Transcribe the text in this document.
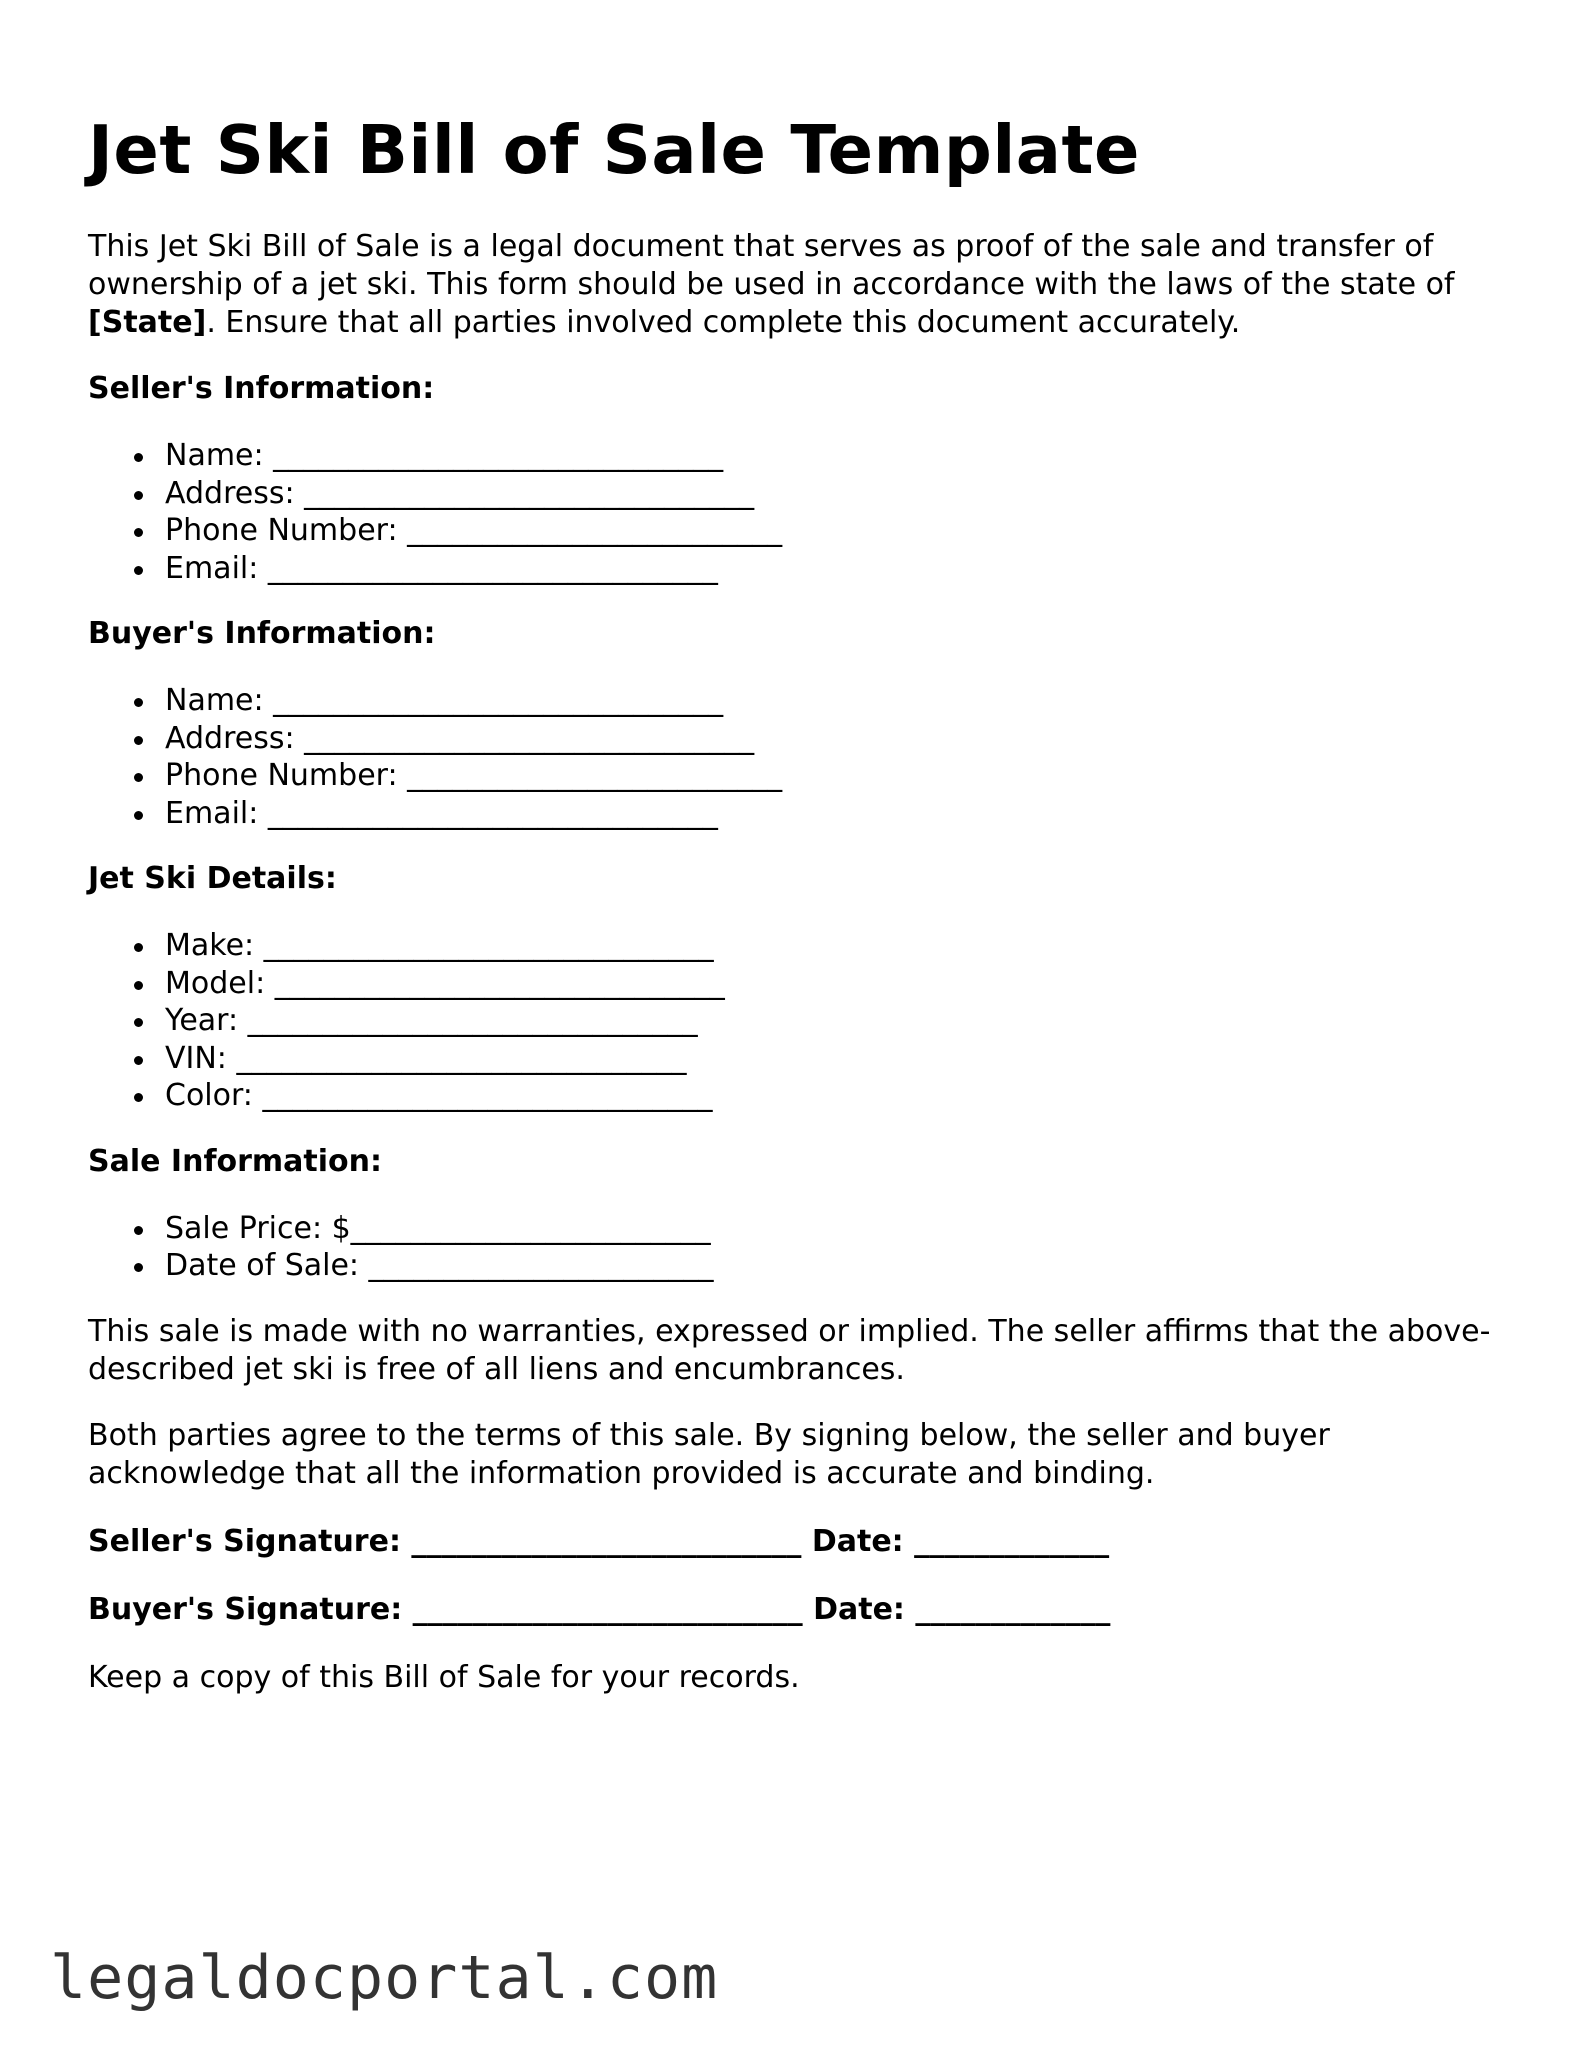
Jet Ski Bill of Sale Template

This Jet Ski Bill of Sale is a legal document that serves as proof of the sale and transfer of ownership of a jet ski. This form should be used in accordance with the laws of the state of [State]. Ensure that all parties involved complete this document accurately.

Seller's Information:
Name: ______________________________
Address: ______________________________
Phone Number: _________________________
Email: ______________________________
Buyer's Information:
Name: ______________________________
Address: ______________________________
Phone Number: _________________________
Email: ______________________________
Jet Ski Details:
Make: ______________________________
Model: ______________________________
Year: ______________________________
VIN: ______________________________
Color: ______________________________
Sale Information:
Sale Price: $________________________
Date of Sale: _______________________

This sale is made with no warranties, expressed or implied. The seller affirms that the above-described jet ski is free of all liens and encumbrances.

Both parties agree to the terms of this sale. By signing below, the seller and buyer acknowledge that all the information provided is accurate and binding.

Seller's Signature: __________________________ Date: _____________

Buyer's Signature: __________________________ Date: _____________

Keep a copy of this Bill of Sale for your records.

legaldocportal.com
